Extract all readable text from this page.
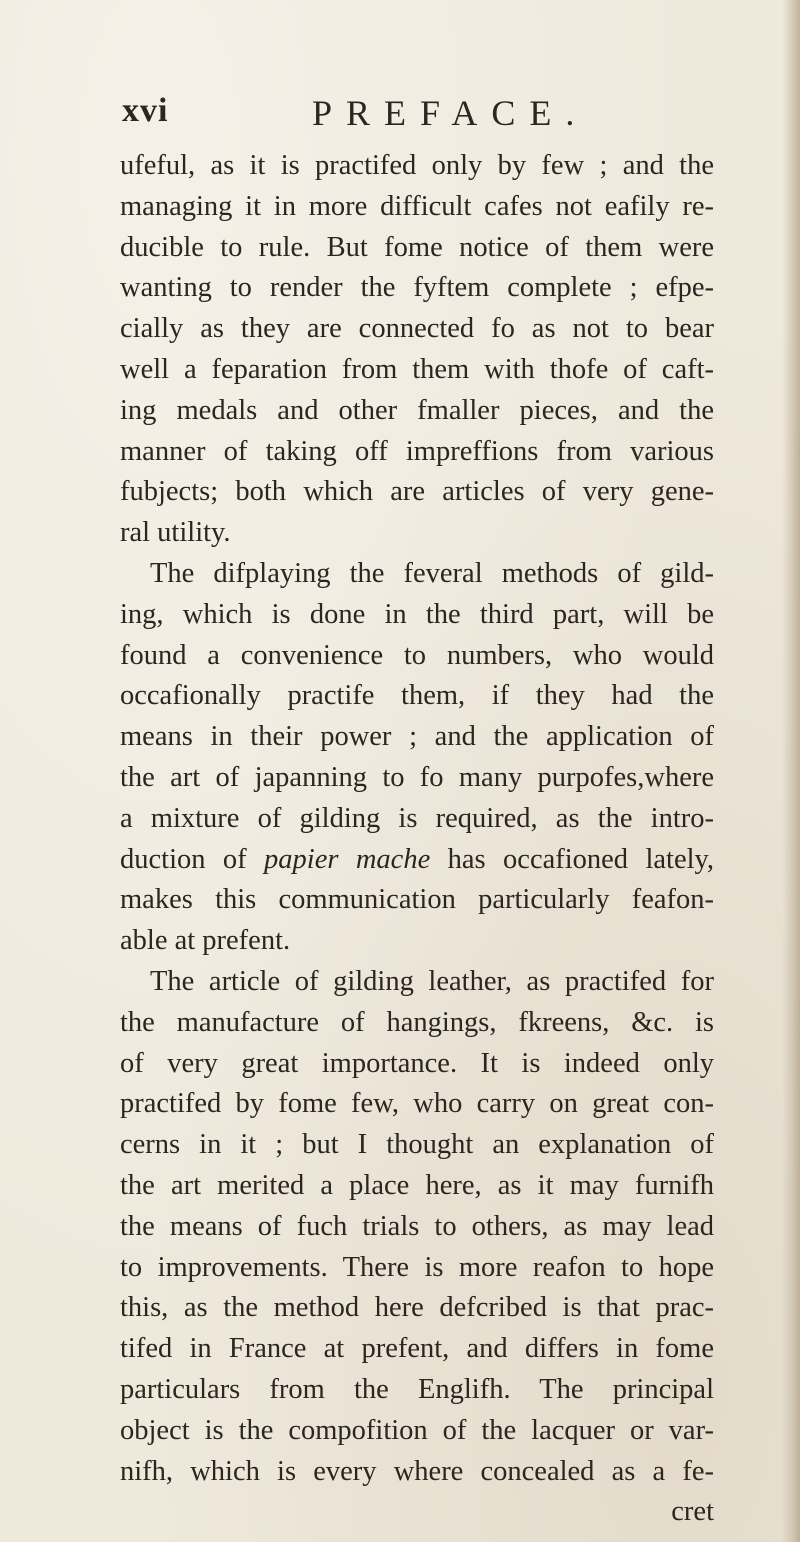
xvi	PREFACE.
ufeful, as it is practifed only by few ; and the
managing it in more difficult cafes not eafily re-
ducible to rule. But fome notice of them were
wanting to render the fyftem complete ; efpe-
cially as they are connected fo as not to bear
well a feparation from them with thofe of caft-
ing medals and other fmaller pieces, and the
manner of taking off impreffions from various
fubjects; both which are articles of very gene-
ral utility.
The difplaying the feveral methods of gild-
ing, which is done in the third part, will be
found a convenience to numbers, who would
occafionally practife them, if they had the
means in their power ; and the application of
the art of japanning to fo many purpofes,where
a mixture of gilding is required, as the intro-
duction of papier mache has occafioned lately,
makes this communication particularly feafon-
able at prefent.
The article of gilding leather, as practifed for
the manufacture of hangings, fkreens, &c. is
of very great importance. It is indeed only
practifed by fome few, who carry on great con-
cerns in it ; but I thought an explanation of
the art merited a place here, as it may furnifh
the means of fuch trials to others, as may lead
to improvements. There is more reafon to hope
this, as the method here defcribed is that prac-
tifed in France at prefent, and differs in fome
particulars from the Englifh. The principal
object is the compofition of the lacquer or var-
nifh, which is every where concealed as a fe-
cret
